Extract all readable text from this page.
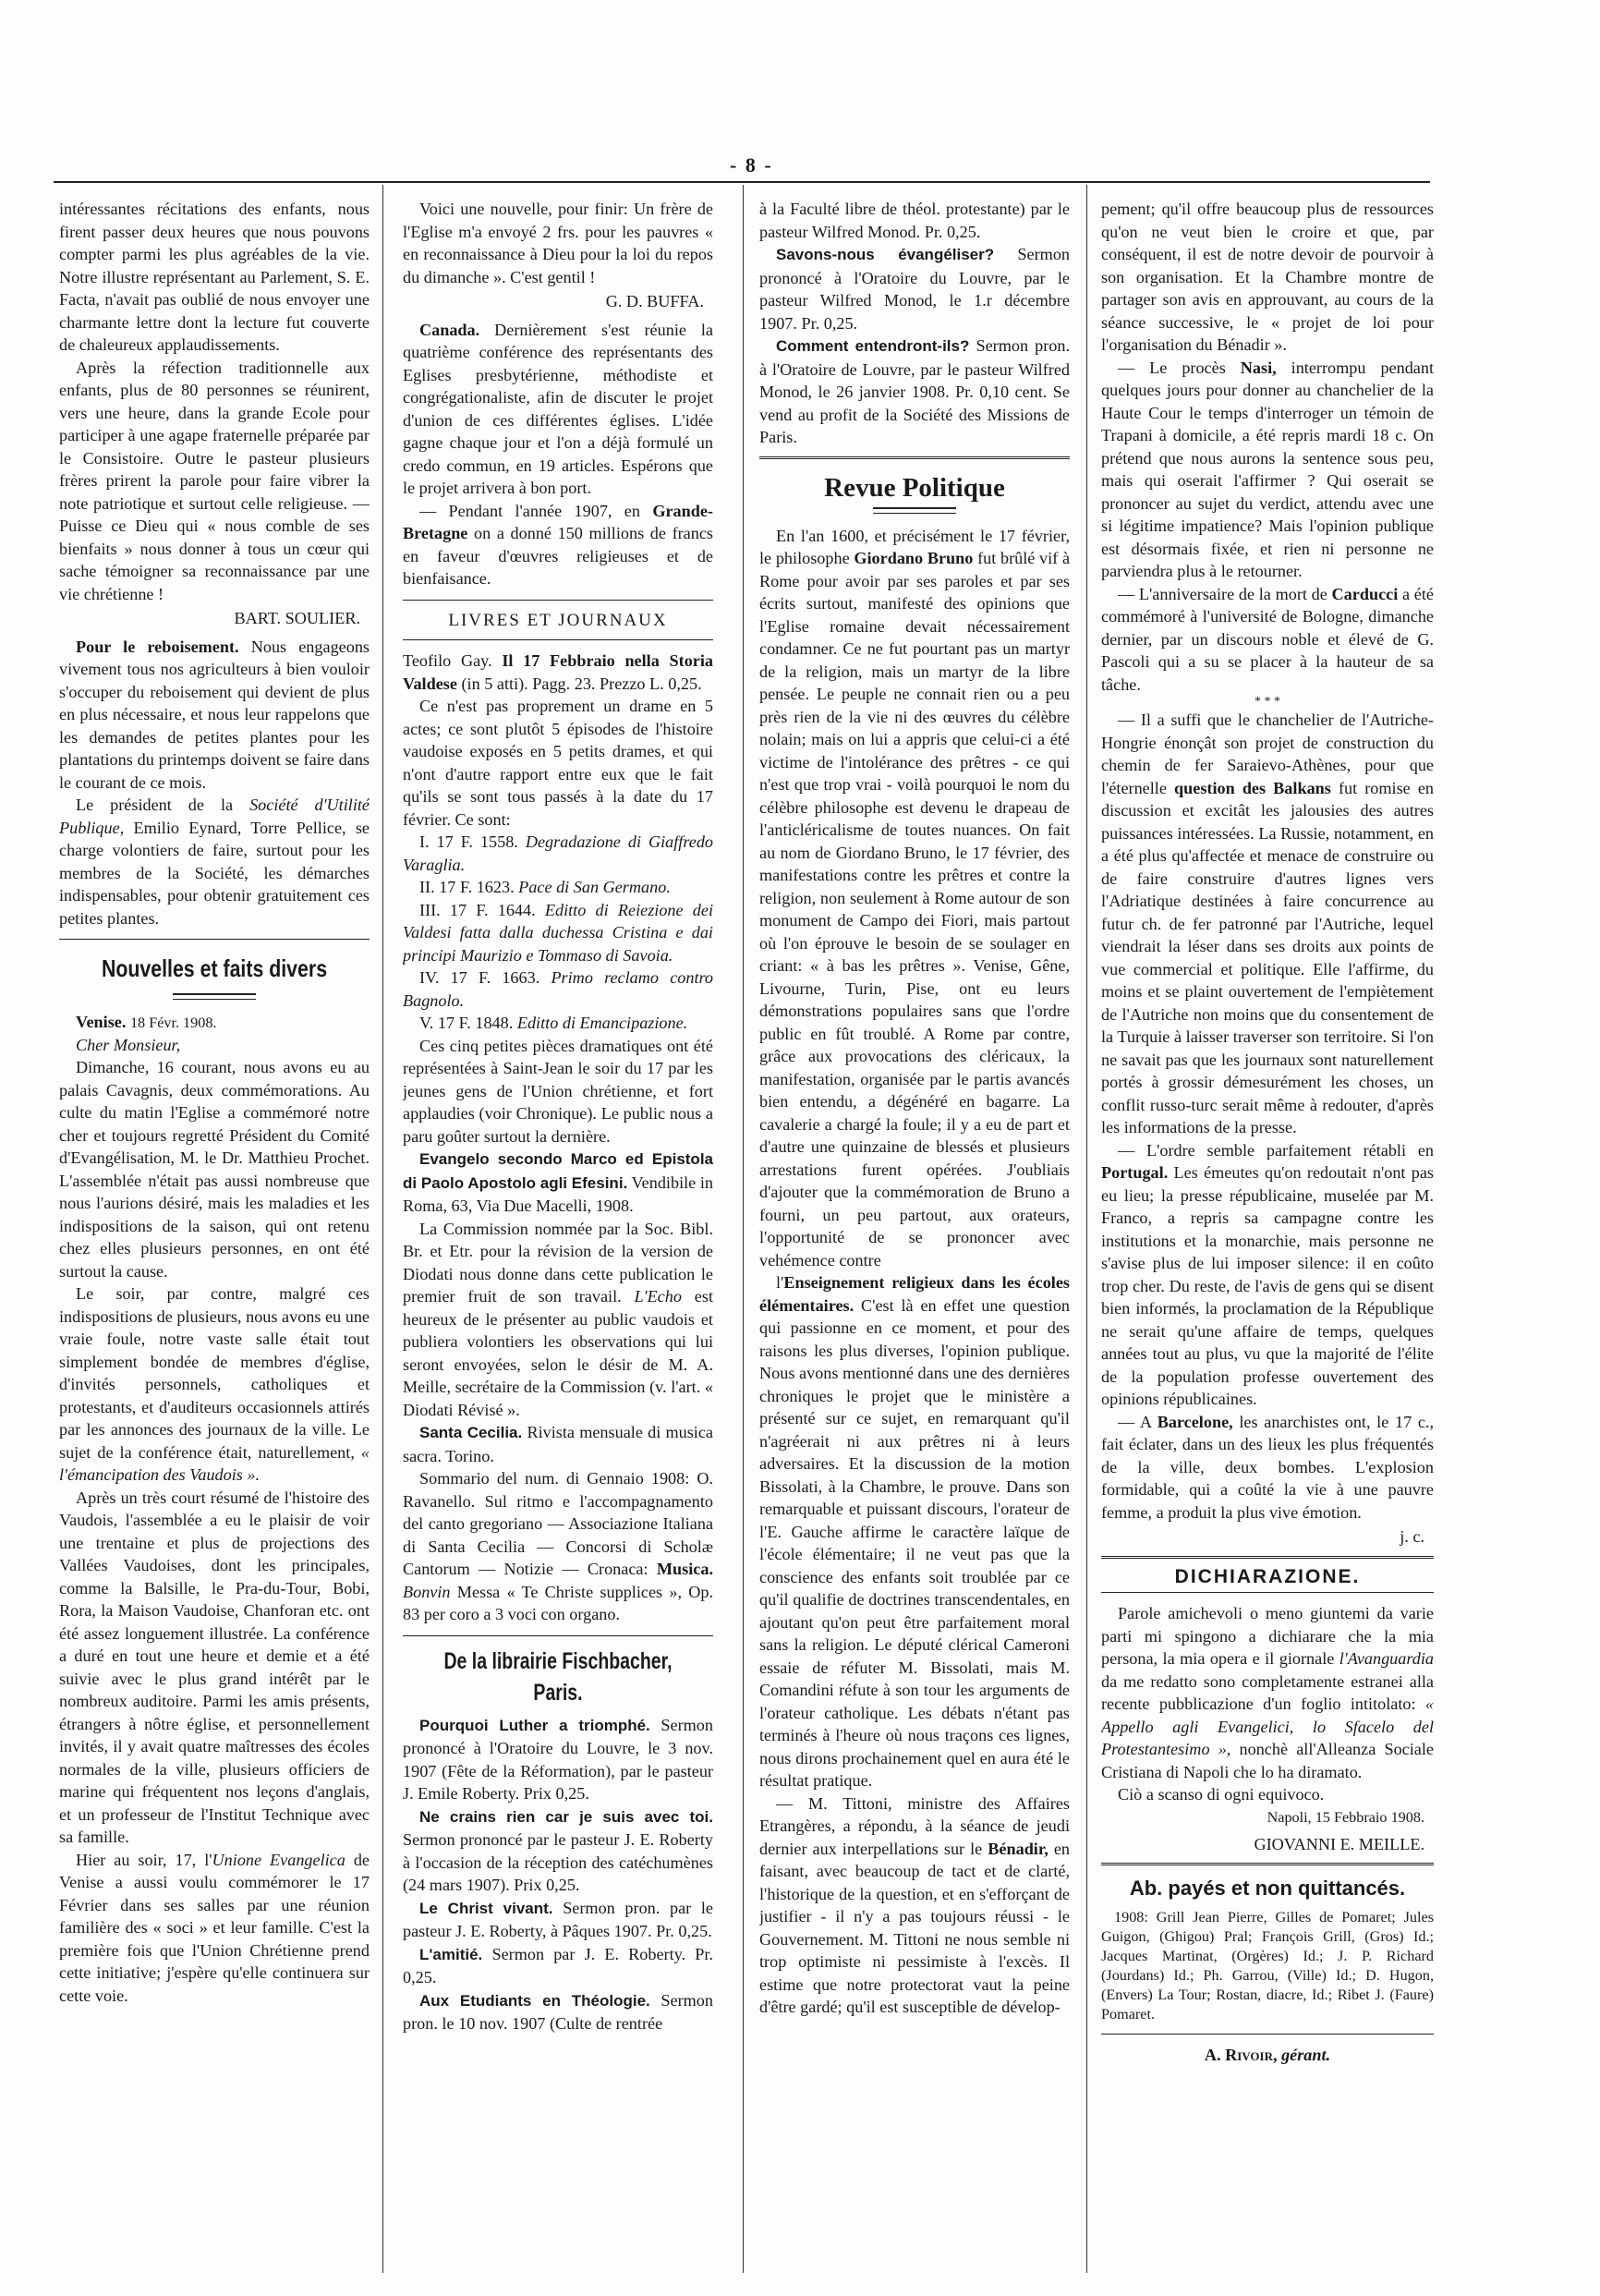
- 8 -

intéressantes récitations des enfants, nous firent passer deux heures que nous pouvons compter parmi les plus agréables de la vie. Notre illustre représentant au Parlement, S. E. Facta, n'avait pas oublié de nous envoyer une charmante lettre dont la lecture fut couverte de chaleureux applaudissements.

Après la réfection traditionnelle aux enfants, plus de 80 personnes se réunirent, vers une heure, dans la grande Ecole pour participer à une agape fraternelle préparée par le Consistoire. Outre le pasteur plusieurs frères prirent la parole pour faire vibrer la note patriotique et surtout celle religieuse. — Puisse ce Dieu qui « nous comble de ses bienfaits » nous donner à tous un cœur qui sache témoigner sa reconnaissance par une vie chrétienne !

BART. SOULIER.

Pour le reboisement. Nous engageons vivement tous nos agriculteurs à bien vouloir s'occuper du reboisement qui devient de plus en plus nécessaire, et nous leur rappelons que les demandes de petites plantes pour les plantations du printemps doivent se faire dans le courant de ce mois.

Le président de la Société d'Utilité Publique, Emilio Eynard, Torre Pellice, se charge volontiers de faire, surtout pour les membres de la Société, les démarches indispensables, pour obtenir gratuitement ces petites plantes.

Nouvelles et faits divers

Venise. 18 Févr. 1908.

Cher Monsieur,

Dimanche, 16 courant, nous avons eu au palais Cavagnis, deux commémorations. Au culte du matin l'Eglise a commémoré notre cher et toujours regretté Président du Comité d'Evangélisation, M. le Dr. Matthieu Prochet. L'assemblée n'était pas aussi nombreuse que nous l'aurions désiré, mais les maladies et les indispositions de la saison, qui ont retenu chez elles plusieurs personnes, en ont été surtout la cause.

Le soir, par contre, malgré ces indispositions de plusieurs, nous avons eu une vraie foule, notre vaste salle était tout simplement bondée de membres d'église, d'invités personnels, catholiques et protestants, et d'auditeurs occasionnels attirés par les annonces des journaux de la ville. Le sujet de la conférence était, naturellement, « l'émancipation des Vaudois ».

Après un très court résumé de l'histoire des Vaudois, l'assemblée a eu le plaisir de voir une trentaine et plus de projections des Vallées Vaudoises, dont les principales, comme la Balsille, le Pra-du-Tour, Bobi, Rora, la Maison Vaudoise, Chanforan etc. ont été assez longuement illustrée. La conférence a duré en tout une heure et demie et a été suivie avec le plus grand intérêt par le nombreux auditoire. Parmi les amis présents, étrangers à nôtre église, et personnellement invités, il y avait quatre maîtresses des écoles normales de la ville, plusieurs officiers de marine qui fréquentent nos leçons d'anglais, et un professeur de l'Institut Technique avec sa famille.

Hier au soir, 17, l'Unione Evangelica de Venise a aussi voulu commémorer le 17 Février dans ses salles par une réunion familière des « soci » et leur famille. C'est la première fois que l'Union Chrétienne prend cette initiative; j'espère qu'elle continuera sur cette voie.

Voici une nouvelle, pour finir: Un frère de l'Eglise m'a envoyé 2 frs. pour les pauvres « en reconnaissance à Dieu pour la loi du repos du dimanche ». C'est gentil !

G. D. BUFFA.

Canada. Dernièrement s'est réunie la quatrième conférence des représentants des Eglises presbytérienne, méthodiste et congrégationaliste, afin de discuter le projet d'union de ces différentes églises. L'idée gagne chaque jour et l'on a déjà formulé un credo commun, en 19 articles. Espérons que le projet arrivera à bon port.

— Pendant l'année 1907, en Grande-Bretagne on a donné 150 millions de francs en faveur d'œuvres religieuses et de bienfaisance.

LIVRES ET JOURNAUX

Teofilo Gay. Il 17 Febbraio nella Storia Valdese (in 5 atti). Pagg. 23. Prezzo L. 0,25.

Ce n'est pas proprement un drame en 5 actes; ce sont plutôt 5 épisodes de l'histoire vaudoise exposés en 5 petits drames, et qui n'ont d'autre rapport entre eux que le fait qu'ils se sont tous passés à la date du 17 février. Ce sont:

I. 17 F. 1558. Degradazione di Giaffredo Varaglia.

II. 17 F. 1623. Pace di San Germano.

III. 17 F. 1644. Editto di Reiezione dei Valdesi fatta dalla duchessa Cristina e dai principi Maurizio e Tommaso di Savoia.

IV. 17 F. 1663. Primo reclamo contro Bagnolo.

V. 17 F. 1848. Editto di Emancipazione.

Ces cinq petites pièces dramatiques ont été représentées à Saint-Jean le soir du 17 par les jeunes gens de l'Union chrétienne, et fort applaudies (voir Chronique). Le public nous a paru goûter surtout la dernière.

Evangelo secondo Marco ed Epistola di Paolo Apostolo agli Efesini. Vendibile in Roma, 63, Via Due Macelli, 1908.

La Commission nommée par la Soc. Bibl. Br. et Etr. pour la révision de la version de Diodati nous donne dans cette publication le premier fruit de son travail. L'Echo est heureux de le présenter au public vaudois et publiera volontiers les observations qui lui seront envoyées, selon le désir de M. A. Meille, secrétaire de la Commission (v. l'art. « Diodati Révisé ».

Santa Cecilia. Rivista mensuale di musica sacra. Torino.

Sommario del num. di Gennaio 1908: O. Ravanello. Sul ritmo e l'accompagnamento del canto gregoriano — Associazione Italiana di Santa Cecilia — Concorsi di Scholæ Cantorum — Notizie — Cronaca: Musica. Bonvin Messa « Te Christe supplices », Op. 83 per coro a 3 voci con organo.

De la librairie Fischbacher, Paris.

Pourquoi Luther a triomphé. Sermon prononcé à l'Oratoire du Louvre, le 3 nov. 1907 (Fête de la Réformation), par le pasteur J. Emile Roberty. Prix 0,25.

Ne crains rien car je suis avec toi. Sermon prononcé par le pasteur J. E. Roberty à l'occasion de la réception des catéchumènes (24 mars 1907). Prix 0,25.

Le Christ vivant. Sermon pron. par le pasteur J. E. Roberty, à Pâques 1907. Pr. 0,25.

L'amitié. Sermon par J. E. Roberty. Pr. 0,25.

Aux Etudiants en Théologie. Sermon pron. le 10 nov. 1907 (Culte de rentrée

à la Faculté libre de théol. protestante) par le pasteur Wilfred Monod. Pr. 0,25.

Savons-nous évangéliser? Sermon prononcé à l'Oratoire du Louvre, par le pasteur Wilfred Monod, le 1.r décembre 1907. Pr. 0,25.

Comment entendront-ils? Sermon pron. à l'Oratoire de Louvre, par le pasteur Wilfred Monod, le 26 janvier 1908. Pr. 0,10 cent. Se vend au profit de la Société des Missions de Paris.

Revue Politique

En l'an 1600, et précisément le 17 février, le philosophe Giordano Bruno fut brûlé vif à Rome pour avoir par ses paroles et par ses écrits surtout, manifesté des opinions que l'Eglise romaine devait nécessairement condamner. Ce ne fut pourtant pas un martyr de la religion, mais un martyr de la libre pensée. Le peuple ne connait rien ou a peu près rien de la vie ni des œuvres du célèbre nolain; mais on lui a appris que celui-ci a été victime de l'intolérance des prêtres - ce qui n'est que trop vrai - voilà pourquoi le nom du célèbre philosophe est devenu le drapeau de l'anticléricalisme de toutes nuances. On fait au nom de Giordano Bruno, le 17 février, des manifestations contre les prêtres et contre la religion, non seulement à Rome autour de son monument de Campo dei Fiori, mais partout où l'on éprouve le besoin de se soulager en criant: « à bas les prêtres ». Venise, Gêne, Livourne, Turin, Pise, ont eu leurs démonstrations populaires sans que l'ordre public en fût troublé. A Rome par contre, grâce aux provocations des cléricaux, la manifestation, organisée par le partis avancés bien entendu, a dégénéré en bagarre. La cavalerie a chargé la foule; il y a eu de part et d'autre une quinzaine de blessés et plusieurs arrestations furent opérées. J'oubliais d'ajouter que la commémoration de Bruno a fourni, un peu partout, aux orateurs, l'opportunité de se prononcer avec vehémence contre

l'Enseignement religieux dans les écoles élémentaires. C'est là en effet une question qui passionne en ce moment, et pour des raisons les plus diverses, l'opinion publique. Nous avons mentionné dans une des dernières chroniques le projet que le ministère a présenté sur ce sujet, en remarquant qu'il n'agréerait ni aux prêtres ni à leurs adversaires. Et la discussion de la motion Bissolati, à la Chambre, le prouve. Dans son remarquable et puissant discours, l'orateur de l'E. Gauche affirme le caractère laïque de l'école élémentaire; il ne veut pas que la conscience des enfants soit troublée par ce qu'il qualifie de doctrines transcendentales, en ajoutant qu'on peut être parfaitement moral sans la religion. Le député clérical Cameroni essaie de réfuter M. Bissolati, mais M. Comandini réfute à son tour les arguments de l'orateur catholique. Les débats n'étant pas terminés à l'heure où nous traçons ces lignes, nous dirons prochainement quel en aura été le résultat pratique.

— M. Tittoni, ministre des Affaires Etrangères, a répondu, à la séance de jeudi dernier aux interpellations sur le Bénadir, en faisant, avec beaucoup de tact et de clarté, l'historique de la question, et en s'efforçant de justifier - il n'y a pas toujours réussi - le Gouvernement. M. Tittoni ne nous semble ni trop optimiste ni pessimiste à l'excès. Il estime que notre protectorat vaut la peine d'être gardé; qu'il est susceptible de dévelop-

pement; qu'il offre beaucoup plus de ressources qu'on ne veut bien le croire et que, par conséquent, il est de notre devoir de pourvoir à son organisation. Et la Chambre montre de partager son avis en approuvant, au cours de la séance successive, le « projet de loi pour l'organisation du Bénadir ».

— Le procès Nasi, interrompu pendant quelques jours pour donner au chanchelier de la Haute Cour le temps d'interroger un témoin de Trapani à domicile, a été repris mardi 18 c. On prétend que nous aurons la sentence sous peu, mais qui oserait l'affirmer ? Qui oserait se prononcer au sujet du verdict, attendu avec une si légitime impatience? Mais l'opinion publique est désormais fixée, et rien ni personne ne parviendra plus à le retourner.

— L'anniversaire de la mort de Carducci a été commémoré à l'université de Bologne, dimanche dernier, par un discours noble et élevé de G. Pascoli qui a su se placer à la hauteur de sa tâche.

* * *

— Il a suffi que le chanchelier de l'Autriche-Hongrie énonçât son projet de construction du chemin de fer Saraievo-Athènes, pour que l'éternelle question des Balkans fut romise en discussion et excitât les jalousies des autres puissances intéressées. La Russie, notamment, en a été plus qu'affectée et menace de construire ou de faire construire d'autres lignes vers l'Adriatique destinées à faire concurrence au futur ch. de fer patronné par l'Autriche, lequel viendrait la léser dans ses droits aux points de vue commercial et politique. Elle l'affirme, du moins et se plaint ouvertement de l'empiètement de l'Autriche non moins que du consentement de la Turquie à laisser traverser son territoire. Si l'on ne savait pas que les journaux sont naturellement portés à grossir démesurément les choses, un conflit russo-turc serait même à redouter, d'après les informations de la presse.

— L'ordre semble parfaitement rétabli en Portugal. Les émeutes qu'on redoutait n'ont pas eu lieu; la presse républicaine, muselée par M. Franco, a repris sa campagne contre les institutions et la monarchie, mais personne ne s'avise plus de lui imposer silence: il en coûto trop cher. Du reste, de l'avis de gens qui se disent bien informés, la proclamation de la République ne serait qu'une affaire de temps, quelques années tout au plus, vu que la majorité de l'élite de la population professe ouvertement des opinions républicaines.

— A Barcelone, les anarchistes ont, le 17 c., fait éclater, dans un des lieux les plus fréquentés de la ville, deux bombes. L'explosion formidable, qui a coûté la vie à une pauvre femme, a produit la plus vive émotion.

j. c.
DICHIARAZIONE.

Parole amichevoli o meno giuntemi da varie parti mi spingono a dichiarare che la mia persona, la mia opera e il giornale l'Avanguardia da me redatto sono completamente estranei alla recente pubblicazione d'un foglio intitolato: « Appello agli Evangelici, lo Sfacelo del Protestantesimo », nonchè all'Alleanza Sociale Cristiana di Napoli che lo ha diramato.

Ciò a scanso di ogni equivoco.

Napoli, 15 Febbraio 1908.
GIOVANNI E. MEILLE.
Ab. payés et non quittancés.

1908: Grill Jean Pierre, Gilles de Pomaret; Jules Guigon, (Ghigou) Pral; François Grill, (Gros) Id.; Jacques Martinat, (Orgères) Id.; J. P. Richard (Jourdans) Id.; Ph. Garrou, (Ville) Id.; D. Hugon, (Envers) La Tour; Rostan, diacre, Id.; Ribet J. (Faure) Pomaret.

A. Rivoir, gérant.
